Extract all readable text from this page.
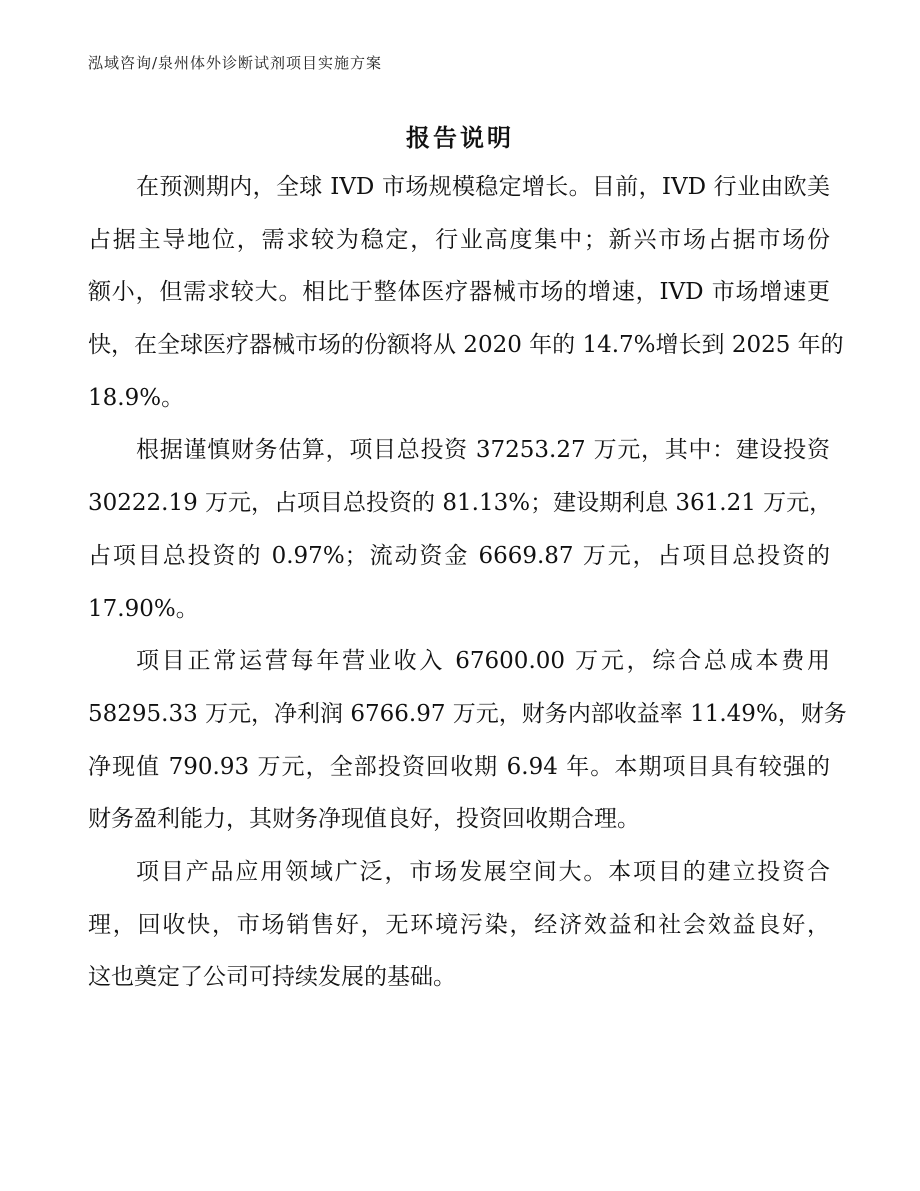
泓域咨询/泉州体外诊断试剂项目实施方案
报告说明
在预测期内，全球 IVD 市场规模稳定增长。目前，IVD 行业由欧美
占据主导地位，需求较为稳定，行业高度集中；新兴市场占据市场份
额小，但需求较大。相比于整体医疗器械市场的增速，IVD 市场增速更
快，在全球医疗器械市场的份额将从 2020 年的 14.7%增长到 2025 年的
18.9%。
根据谨慎财务估算，项目总投资 37253.27 万元，其中：建设投资
30222.19 万元，占项目总投资的 81.13%；建设期利息 361.21 万元，
占项目总投资的 0.97%；流动资金 6669.87 万元，占项目总投资的
17.90%。
项目正常运营每年营业收入 67600.00 万元，综合总成本费用
58295.33 万元，净利润 6766.97 万元，财务内部收益率 11.49%，财务
净现值 790.93 万元，全部投资回收期 6.94 年。本期项目具有较强的
财务盈利能力，其财务净现值良好，投资回收期合理。
项目产品应用领域广泛，市场发展空间大。本项目的建立投资合
理，回收快，市场销售好，无环境污染，经济效益和社会效益良好，
这也奠定了公司可持续发展的基础。
